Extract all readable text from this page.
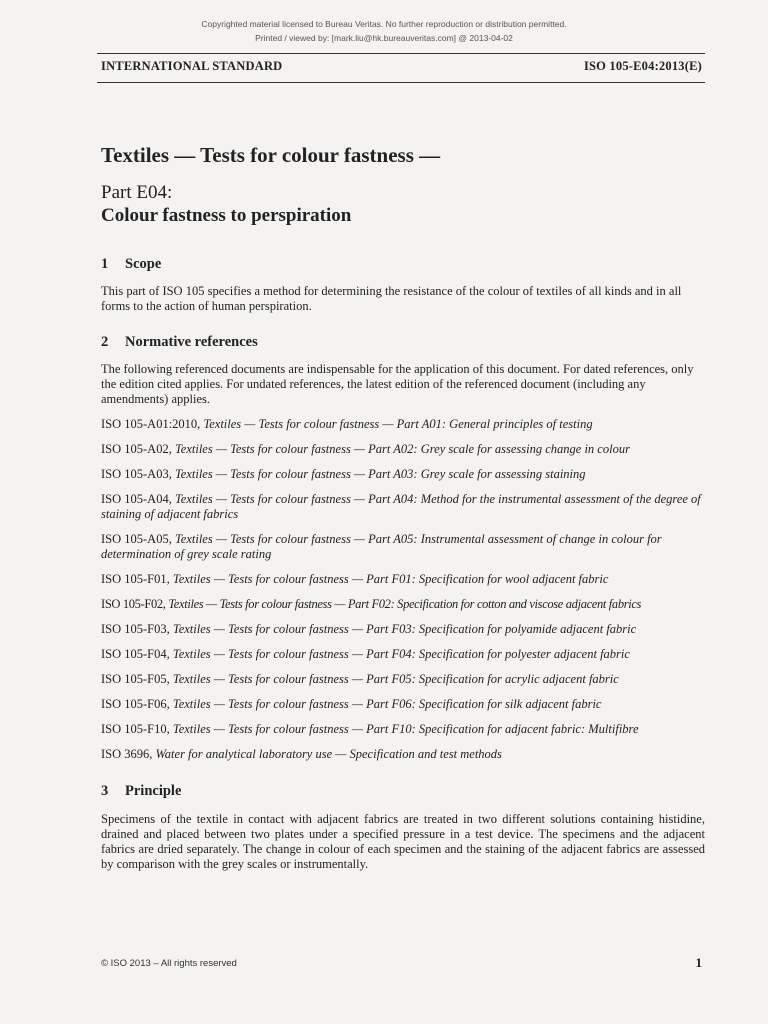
Copyrighted material licensed to Bureau Veritas. No further reproduction or distribution permitted.
Printed / viewed by: [mark.liu@hk.bureauveritas.com] @ 2013-04-02
INTERNATIONAL STANDARD	ISO 105-E04:2013(E)
Textiles — Tests for colour fastness —
Part E04:
Colour fastness to perspiration
1 Scope
This part of ISO 105 specifies a method for determining the resistance of the colour of textiles of all kinds and in all forms to the action of human perspiration.
2 Normative references
The following referenced documents are indispensable for the application of this document. For dated references, only the edition cited applies. For undated references, the latest edition of the referenced document (including any amendments) applies.
ISO 105-A01:2010, Textiles — Tests for colour fastness — Part A01: General principles of testing
ISO 105-A02, Textiles — Tests for colour fastness — Part A02: Grey scale for assessing change in colour
ISO 105-A03, Textiles — Tests for colour fastness — Part A03: Grey scale for assessing staining
ISO 105-A04, Textiles — Tests for colour fastness — Part A04: Method for the instrumental assessment of the degree of staining of adjacent fabrics
ISO 105-A05, Textiles — Tests for colour fastness — Part A05: Instrumental assessment of change in colour for determination of grey scale rating
ISO 105-F01, Textiles — Tests for colour fastness — Part F01: Specification for wool adjacent fabric
ISO 105-F02, Textiles — Tests for colour fastness — Part F02: Specification for cotton and viscose adjacent fabrics
ISO 105-F03, Textiles — Tests for colour fastness — Part F03: Specification for polyamide adjacent fabric
ISO 105-F04, Textiles — Tests for colour fastness — Part F04: Specification for polyester adjacent fabric
ISO 105-F05, Textiles — Tests for colour fastness — Part F05: Specification for acrylic adjacent fabric
ISO 105-F06, Textiles — Tests for colour fastness — Part F06: Specification for silk adjacent fabric
ISO 105-F10, Textiles — Tests for colour fastness — Part F10: Specification for adjacent fabric: Multifibre
ISO 3696, Water for analytical laboratory use — Specification and test methods
3 Principle
Specimens of the textile in contact with adjacent fabrics are treated in two different solutions containing histidine, drained and placed between two plates under a specified pressure in a test device. The specimens and the adjacent fabrics are dried separately. The change in colour of each specimen and the staining of the adjacent fabrics are assessed by comparison with the grey scales or instrumentally.
© ISO 2013 – All rights reserved	1
